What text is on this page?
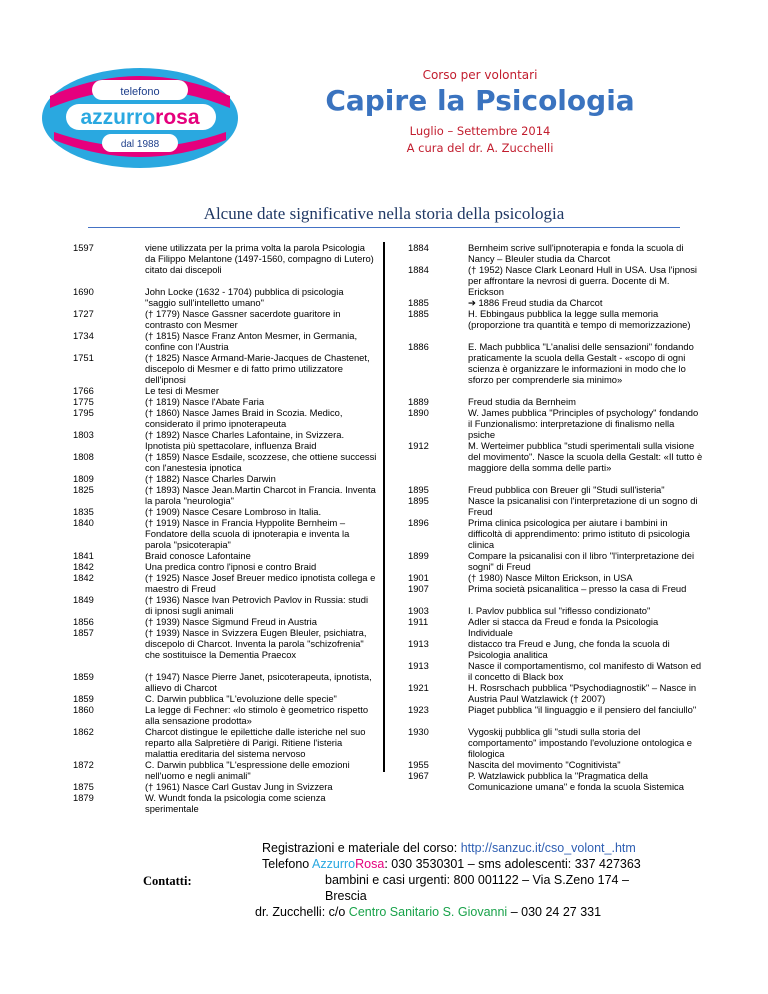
telefono
azzurrorosa
dal 1988
Corso per volontari
Capire la Psicologia
Luglio – Settembre 2014
A cura del dr. A. Zucchelli
Alcune date significative nella storia della psicologia
1597	viene utilizzata per la prima volta la parola Psicologia da Filippo Melantone (1497-1560, compagno di Lutero) citato dai discepoli
1690	John Locke (1632 - 1704) pubblica di psicologia "saggio sull'intelletto umano"
1727	(† 1779) Nasce Gassner sacerdote guaritore in contrasto con Mesmer
1734	(† 1815) Nasce Franz Anton Mesmer, in Germania, confine con l'Austria
1751	(† 1825) Nasce Armand-Marie-Jacques de Chastenet, discepolo di Mesmer e di fatto primo utilizzatore dell'ipnosi
1766	Le tesi di Mesmer
1775	(† 1819) Nasce l'Abate Faria
1795	(† 1860) Nasce James Braid in Scozia. Medico, considerato il primo ipnoterapeuta
1803	(† 1892) Nasce Charles Lafontaine, in Svizzera. Ipnotista più spettacolare, influenza Braid
1808	(† 1859) Nasce Esdaile, scozzese, che ottiene successi con l'anestesia ipnotica
1809	(† 1882) Nasce Charles Darwin
1825	(† 1893) Nasce Jean.Martin Charcot in Francia. Inventa la parola "neurologia"
1835	(† 1909) Nasce Cesare Lombroso in Italia.
1840	(† 1919) Nasce in Francia Hyppolite Bernheim – Fondatore della scuola di ipnoterapia e inventa la parola "psicoterapia"
1841	Braid conosce Lafontaine
1842	Una predica contro l'ipnosi e contro Braid
1842	(† 1925) Nasce Josef Breuer medico ipnotista collega e maestro di Freud
1849	(† 1936) Nasce Ivan Petrovich Pavlov in Russia: studi di ipnosi sugli animali
1856	(† 1939) Nasce Sigmund Freud in Austria
1857	(† 1939) Nasce in Svizzera Eugen Bleuler, psichiatra, discepolo di Charcot. Inventa la parola "schizofrenia" che sostituisce la Dementia Praecox
1859	(† 1947) Nasce Pierre Janet, psicoterapeuta, ipnotista, allievo di Charcot
1859	C. Darwin pubblica "L'evoluzione delle specie"
1860	La legge di Fechner: «lo stimolo è geometrico rispetto alla sensazione prodotta»
1862	Charcot distingue le epilettiche dalle isteriche nel suo reparto alla Salpretière di Parigi. Ritiene l'isteria malattia ereditaria del sistema nervoso
1872	C. Darwin pubblica "L'espressione delle emozioni nell'uomo e negli animali"
1875	(† 1961) Nasce Carl Gustav Jung in Svizzera
1879	W. Wundt fonda la psicologia come scienza sperimentale
1884	Bernheim scrive sull'ipnoterapia e fonda la scuola di Nancy – Bleuler studia da Charcot
1884	(† 1952) Nasce Clark Leonard Hull in USA. Usa l'ipnosi per affrontare la nevrosi di guerra. Docente di M. Erickson
1885	➔ 1886 Freud studia da Charcot
1885	H. Ebbingaus pubblica la legge sulla memoria (proporzione tra quantità e tempo di memorizzazione)
1886	E. Mach pubblica "L'analisi delle sensazioni" fondando praticamente la scuola della Gestalt - «scopo di ogni scienza è organizzare le informazioni in modo che lo sforzo per comprenderle sia minimo»
1889	Freud studia da Bernheim
1890	W. James pubblica "Principles of psychology" fondando il Funzionalismo: interpretazione di finalismo nella psiche
1912	M. Werteimer pubblica "studi sperimentali sulla visione del movimento". Nasce la scuola della Gestalt: «Il tutto è maggiore della somma delle parti»
1895	Freud pubblica con Breuer gli "Studi sull'isteria"
1895	Nasce la psicanalisi con l'interpretazione di un sogno di Freud
1896	Prima clinica psicologica per aiutare i bambini in difficoltà di apprendimento: primo istituto di psicologia clinica
1899	Compare la psicanalisi con il libro "l'interpretazione dei sogni" di Freud
1901	(† 1980) Nasce Milton Erickson, in USA
1907	Prima società psicanalitica – presso la casa di Freud
1903	I. Pavlov pubblica sul "riflesso condizionato"
1911	Adler si stacca da Freud e fonda la Psicologia Individuale
1913	distacco tra Freud e Jung, che fonda la scuola di Psicologia analitica
1913	Nasce il comportamentismo, col manifesto di Watson ed il concetto di Black box
1921	H. Rosrschach pubblica "Psychodiagnostik" – Nasce in Austria Paul Watzlawick († 2007)
1923	Piaget pubblica "il linguaggio e il pensiero del fanciullo"
1930	Vygoskij pubblica gli "studi sulla storia del comportamento" impostando l'evoluzione ontologica e filologica
1955	Nascita del movimento "Cognitivista"
1967	P. Watzlawick pubblica la "Pragmatica della Comunicazione umana" e fonda la scuola Sistemica
Contatti:
Registrazioni e materiale del corso: http://sanzuc.it/cso_volont_.htm
Telefono AzzurroRosa: 030 3530301 – sms adolescenti: 337 427363
bambini e casi urgenti: 800 001122 – Via S.Zeno 174 –
Brescia
dr. Zucchelli: c/o Centro Sanitario S. Giovanni – 030 24 27 331
